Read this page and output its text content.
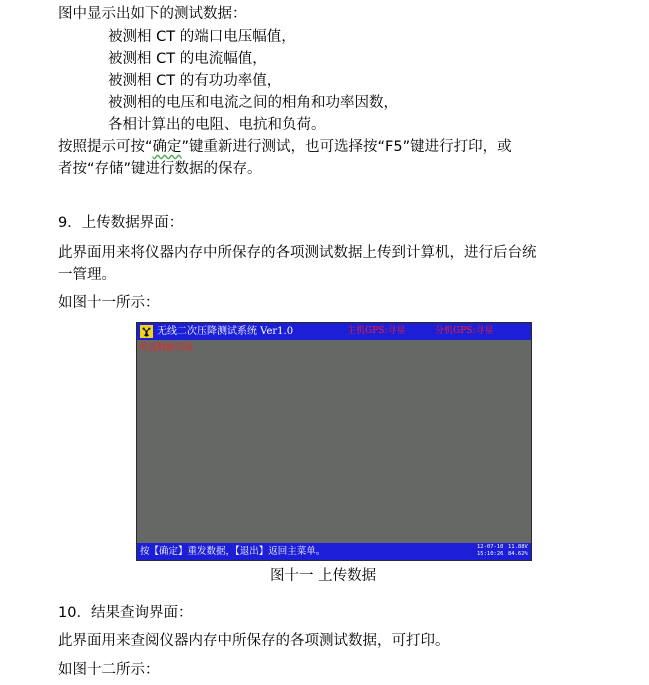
图中显示出如下的测试数据：
被测相 CT 的端口电压幅值，
被测相 CT 的电流幅值，
被测相 CT 的有功功率值，
被测相的电压和电流之间的相角和功率因数，
各相计算出的电阻、电抗和负荷。
按照提示可按“确定”键重新进行测试，也可选择按“F5”键进行打印，或
者按“存储”键进行数据的保存。
9．上传数据界面：
此界面用来将仪器内存中所保存的各项测试数据上传到计算机，进行后台统
一管理。
如图十一所示：
无线二次压降测试系统 Ver1.0	主机GPS:寻星	分机GPS:寻星
传送数据完成
按【确定】重发数据，【退出】返回主菜单。	12-07-10
15:10:26
11.88V
84.62%
图十一 上传数据
10．结果查询界面：
此界面用来查阅仪器内存中所保存的各项测试数据，可打印。
如图十二所示：
